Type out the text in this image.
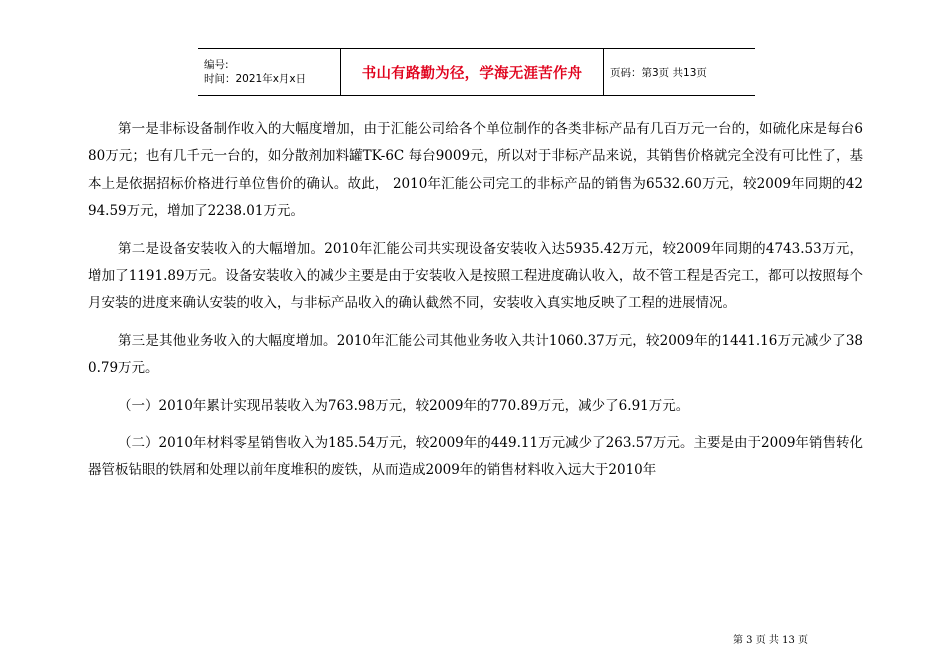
编号:
时间：2021年x月x日	书山有路勤为径，学海无涯苦作舟	页码：第3页 共13页

第一是非标设备制作收入的大幅度增加，由于汇能公司给各个单位制作的各类非标产品有几百万元一台的，如硫化床是每台680万元；也有几千元一台的，如分散剂加料罐TK-6C 每台9009元，所以对于非标产品来说，其销售价格就完全没有可比性了，基本上是依据招标价格进行单位售价的确认。故此， 2010年汇能公司完工的非标产品的销售为6532.60万元，较2009年同期的4294.59万元，增加了2238.01万元。

第二是设备安装收入的大幅增加。2010年汇能公司共实现设备安装收入达5935.42万元，较2009年同期的4743.53万元，增加了1191.89万元。设备安装收入的减少主要是由于安装收入是按照工程进度确认收入，故不管工程是否完工，都可以按照每个月安装的进度来确认安装的收入，与非标产品收入的确认截然不同，安装收入真实地反映了工程的进展情况。

第三是其他业务收入的大幅度增加。2010年汇能公司其他业务收入共计1060.37万元，较2009年的1441.16万元减少了380.79万元。

（一）2010年累计实现吊装收入为763.98万元，较2009年的770.89万元，减少了6.91万元。

（二）2010年材料零星销售收入为185.54万元，较2009年的449.11万元减少了263.57万元。主要是由于2009年销售转化器管板钻眼的铁屑和处理以前年度堆积的废铁，从而造成2009年的销售材料收入远大于2010年

第 3 页 共 13 页
